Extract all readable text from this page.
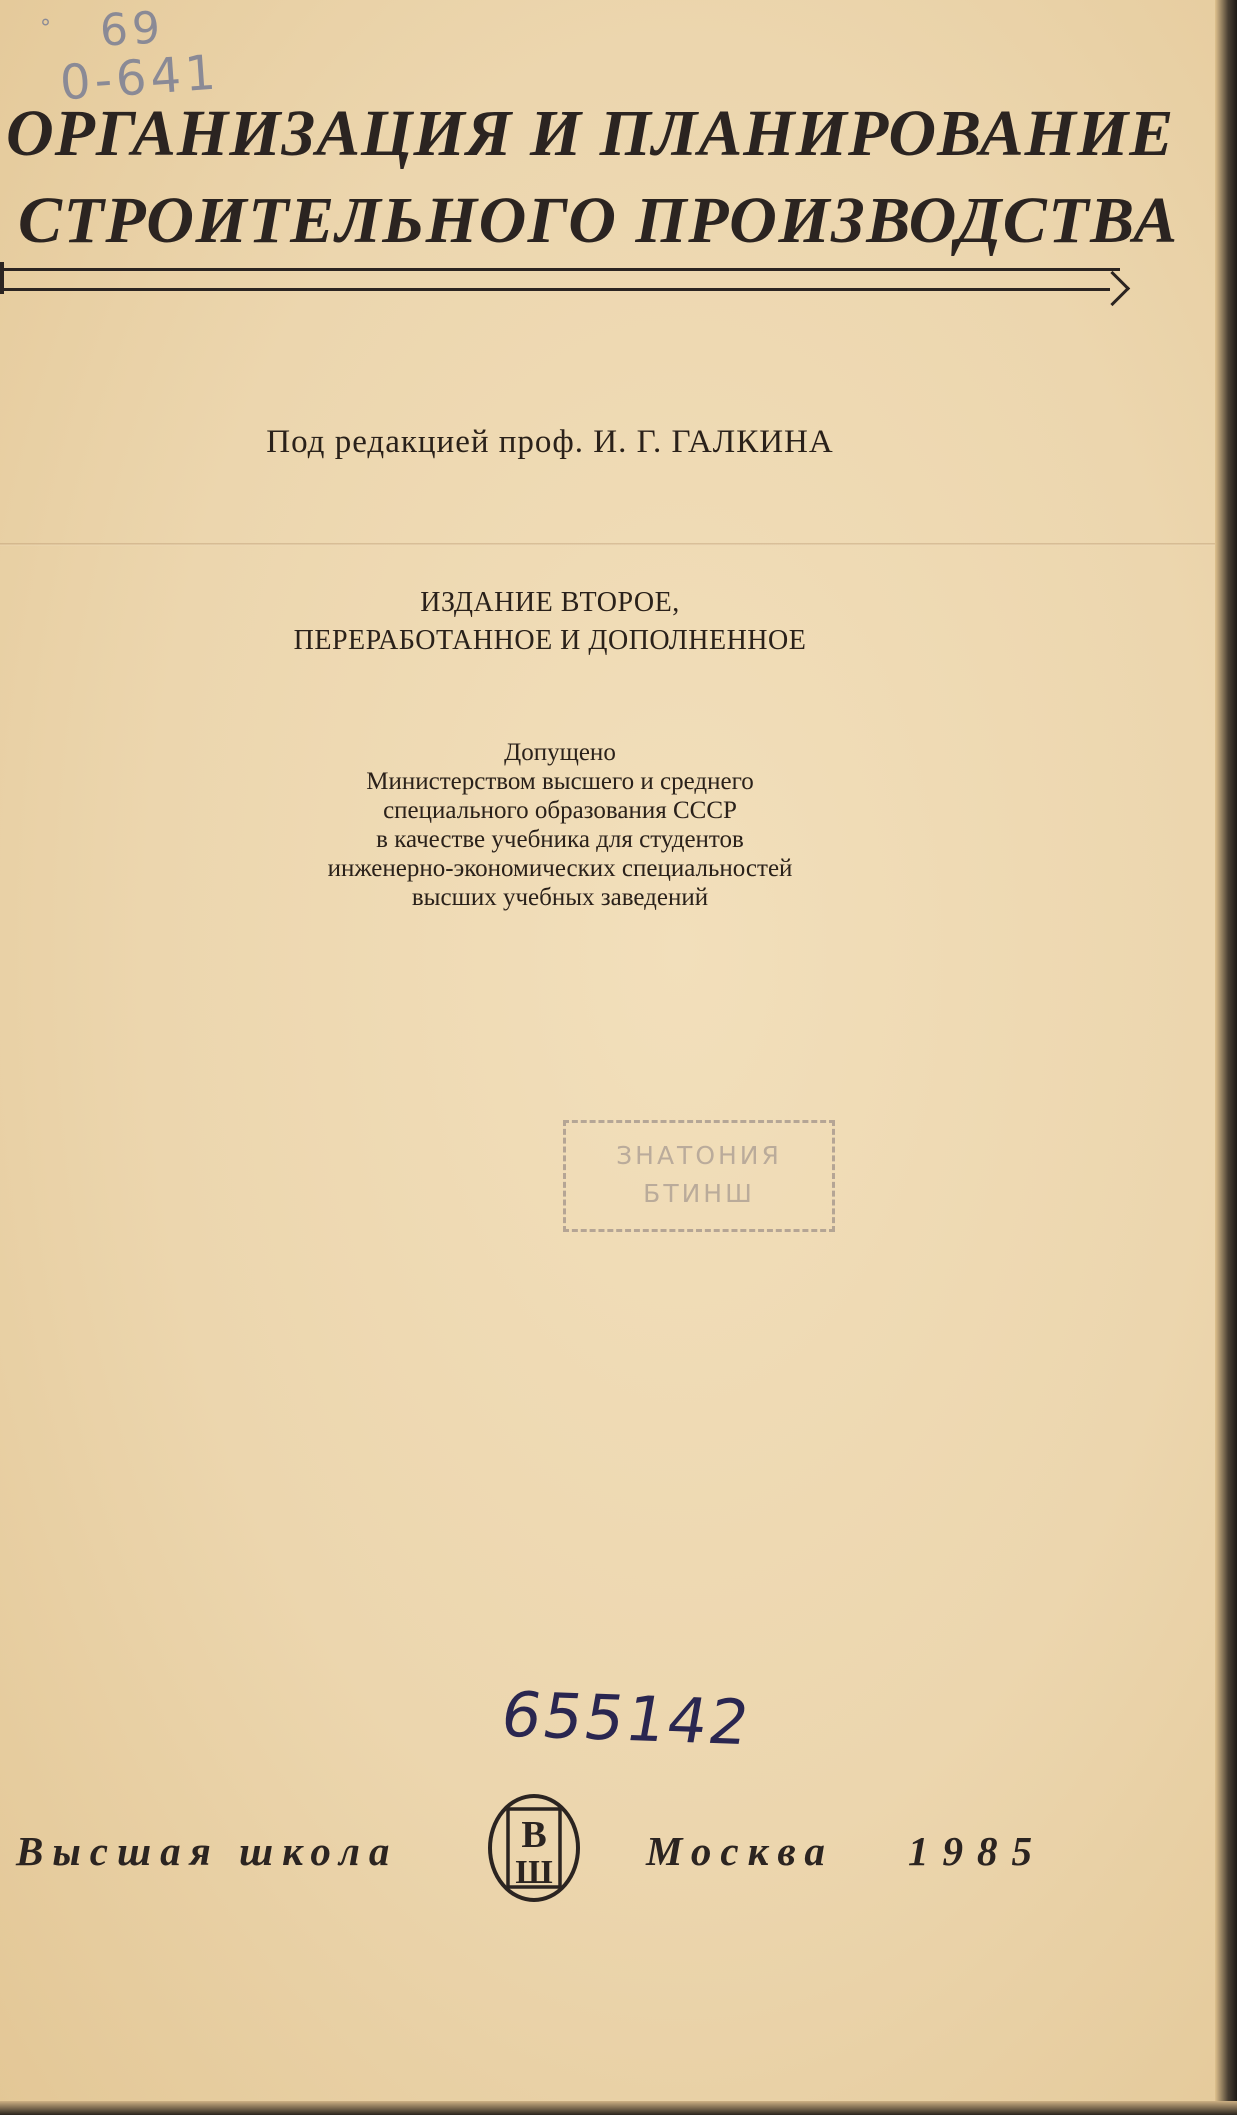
° 69
0-641
ОРГАНИЗАЦИЯ И ПЛАНИРОВАНИЕ
СТРОИТЕЛЬНОГО ПРОИЗВОДСТВА
Под редакцией проф. И. Г. ГАЛКИНА
ИЗДАНИЕ ВТОРОЕ,
ПЕРЕРАБОТАННОЕ И ДОПОЛНЕННОЕ
Допущено
Министерством высшего и среднего
специального образования СССР
в качестве учебника для студентов
инженерно-экономических специальностей
высших учебных заведений
ЗНАТОНИЯ
БТИНШ
655142
Высшая школа	В
Ш Москва 1985
